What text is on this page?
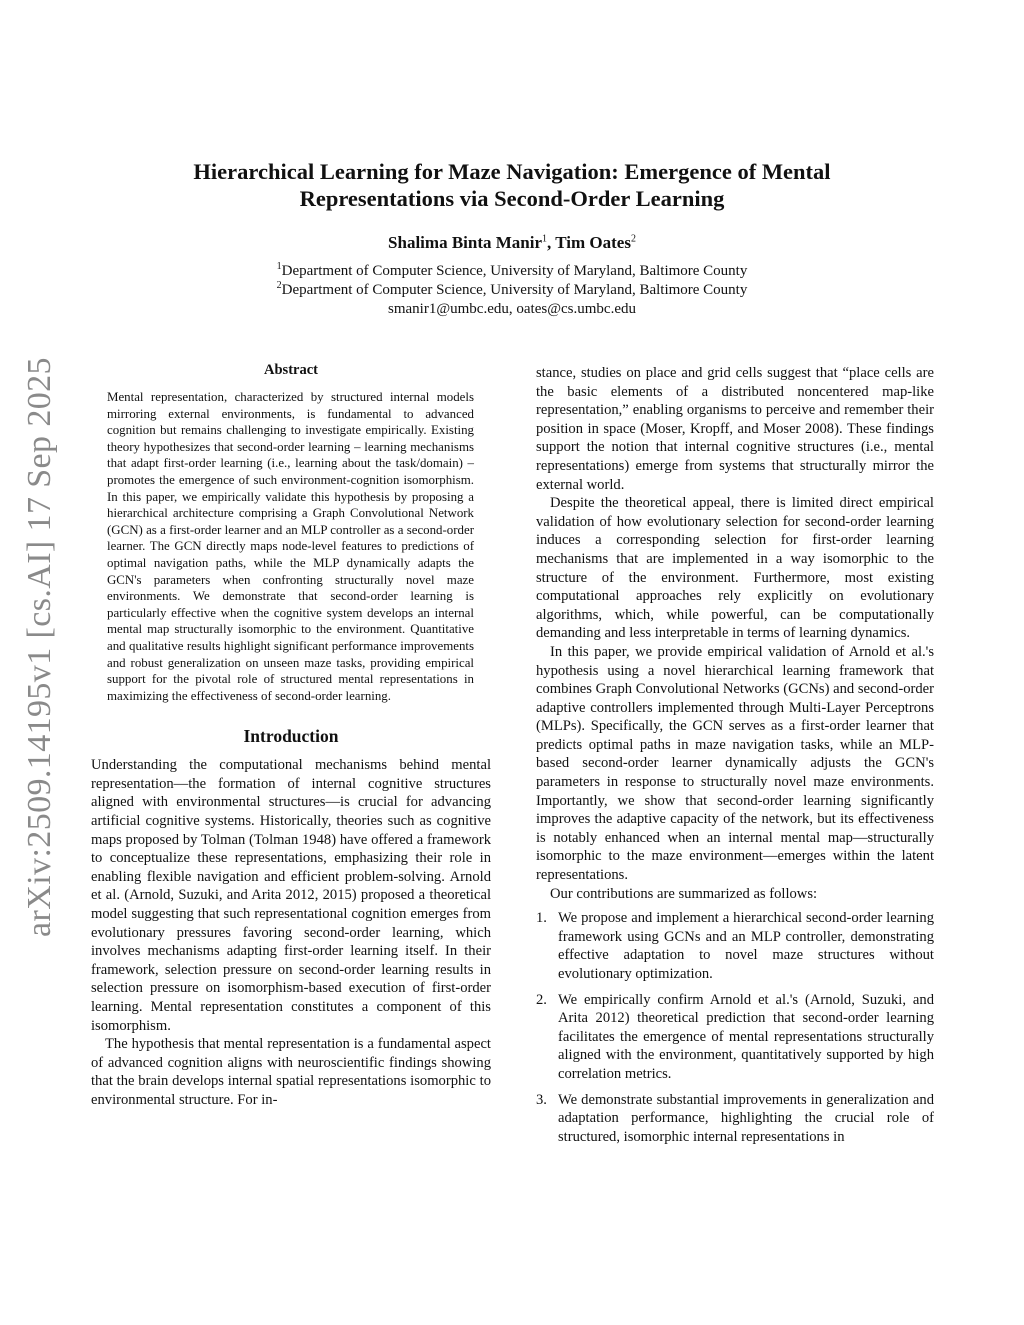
arXiv:2509.14195v1 [cs.AI] 17 Sep 2025
Hierarchical Learning for Maze Navigation: Emergence of Mental Representations via Second-Order Learning
Shalima Binta Manir$^1$, Tim Oates$^2$
$^1$Department of Computer Science, University of Maryland, Baltimore County
$^2$Department of Computer Science, University of Maryland, Baltimore County
smanir1@umbc.edu, oates@cs.umbc.edu
Abstract

Mental representation, characterized by structured internal models mirroring external environments, is fundamental to advanced cognition but remains challenging to investigate empirically. Existing theory hypothesizes that second-order learning – learning mechanisms that adapt first-order learning (i.e., learning about the task/domain) – promotes the emergence of such environment-cognition isomorphism. In this paper, we empirically validate this hypothesis by proposing a hierarchical architecture comprising a Graph Convolutional Network (GCN) as a first-order learner and an MLP controller as a second-order learner. The GCN directly maps node-level features to predictions of optimal navigation paths, while the MLP dynamically adapts the GCN's parameters when confronting structurally novel maze environments. We demonstrate that second-order learning is particularly effective when the cognitive system develops an internal mental map structurally isomorphic to the environment. Quantitative and qualitative results highlight significant performance improvements and robust generalization on unseen maze tasks, providing empirical support for the pivotal role of structured mental representations in maximizing the effectiveness of second-order learning.

Introduction

Understanding the computational mechanisms behind mental representation—the formation of internal cognitive structures aligned with environmental structures—is crucial for advancing artificial cognitive systems. Historically, theories such as cognitive maps proposed by Tolman (Tolman 1948) have offered a framework to conceptualize these representations, emphasizing their role in enabling flexible navigation and efficient problem-solving. Arnold et al. (Arnold, Suzuki, and Arita 2012, 2015) proposed a theoretical model suggesting that such representational cognition emerges from evolutionary pressures favoring second-order learning, which involves mechanisms adapting first-order learning itself. In their framework, selection pressure on second-order learning results in selection pressure on isomorphism-based execution of first-order learning. Mental representation constitutes a component of this isomorphism.

The hypothesis that mental representation is a fundamental aspect of advanced cognition aligns with neuroscientific findings showing that the brain develops internal spatial representations isomorphic to environmental structure. For in-

stance, studies on place and grid cells suggest that “place cells are the basic elements of a distributed noncentered map-like representation,” enabling organisms to perceive and remember their position in space (Moser, Kropff, and Moser 2008). These findings support the notion that internal cognitive structures (i.e., mental representations) emerge from systems that structurally mirror the external world.

Despite the theoretical appeal, there is limited direct empirical validation of how evolutionary selection for second-order learning induces a corresponding selection for first-order learning mechanisms that are implemented in a way isomorphic to the structure of the environment. Furthermore, most existing computational approaches rely explicitly on evolutionary algorithms, which, while powerful, can be computationally demanding and less interpretable in terms of learning dynamics.

In this paper, we provide empirical validation of Arnold et al.'s hypothesis using a novel hierarchical learning framework that combines Graph Convolutional Networks (GCNs) and second-order adaptive controllers implemented through Multi-Layer Perceptrons (MLPs). Specifically, the GCN serves as a first-order learner that predicts optimal paths in maze navigation tasks, while an MLP-based second-order learner dynamically adjusts the GCN's parameters in response to structurally novel maze environments. Importantly, we show that second-order learning significantly improves the adaptive capacity of the network, but its effectiveness is notably enhanced when an internal mental map—structurally isomorphic to the maze environment—emerges within the latent representations.

Our contributions are summarized as follows:

1. We propose and implement a hierarchical second-order learning framework using GCNs and an MLP controller, demonstrating effective adaptation to novel maze structures without evolutionary optimization.
2. We empirically confirm Arnold et al.'s (Arnold, Suzuki, and Arita 2012) theoretical prediction that second-order learning facilitates the emergence of mental representations structurally aligned with the environment, quantitatively supported by high correlation metrics.
3. We demonstrate substantial improvements in generalization and adaptation performance, highlighting the crucial role of structured, isomorphic internal representations in
